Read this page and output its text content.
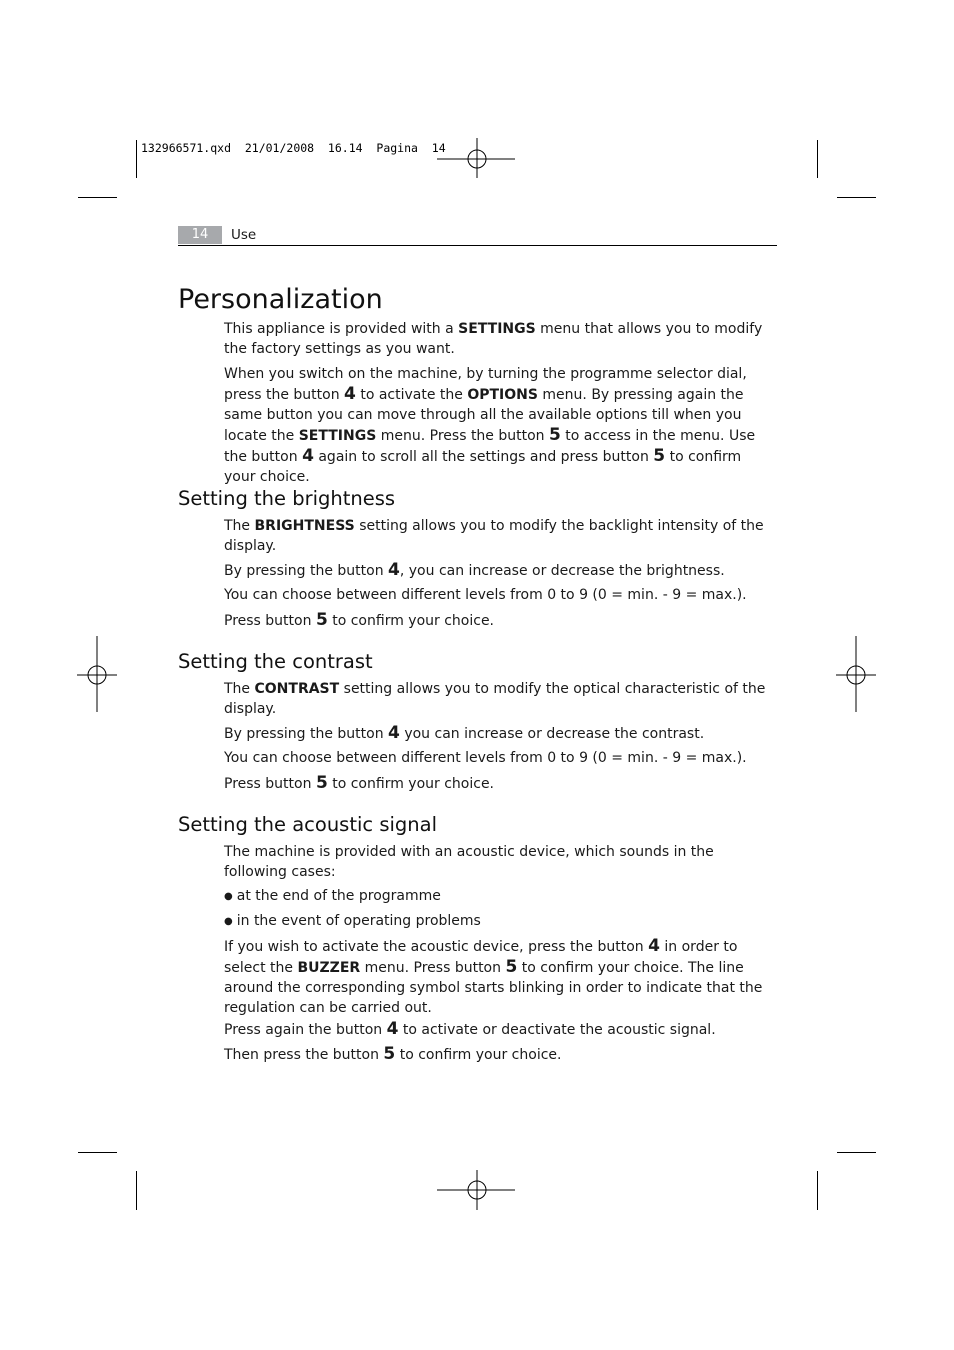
132966571.qxd  21/01/2008  16.14  Pagina  14
14	Use
Personalization

This appliance is provided with a SETTINGS menu that allows you to modify the factory settings as you want.

When you switch on the machine, by turning the programme selector dial, press the button 4 to activate the OPTIONS menu. By pressing again the same button you can move through all the available options till when you locate the SETTINGS menu. Press the button 5 to access in the menu. Use the button 4 again to scroll all the settings and press button 5 to confirm your choice.

Setting the brightness

The BRIGHTNESS setting allows you to modify the backlight intensity of the display.

By pressing the button 4, you can increase or decrease the brightness.

You can choose between different levels from 0 to 9 (0 = min. - 9 = max.).

Press button 5 to confirm your choice.

Setting the contrast

The CONTRAST setting allows you to modify the optical characteristic of the display.

By pressing the button 4 you can increase or decrease the contrast.

You can choose between different levels from 0 to 9 (0 = min. - 9 = max.).

Press button 5 to confirm your choice.

Setting the acoustic signal

The machine is provided with an acoustic device, which sounds in the following cases:

● at the end of the programme

● in the event of operating problems

If you wish to activate the acoustic device, press the button 4 in order to select the BUZZER menu. Press button 5 to confirm your choice. The line around the corresponding symbol starts blinking in order to indicate that the regulation can be carried out.

Press again the button 4 to activate or deactivate the acoustic signal.

Then press the button 5 to confirm your choice.
